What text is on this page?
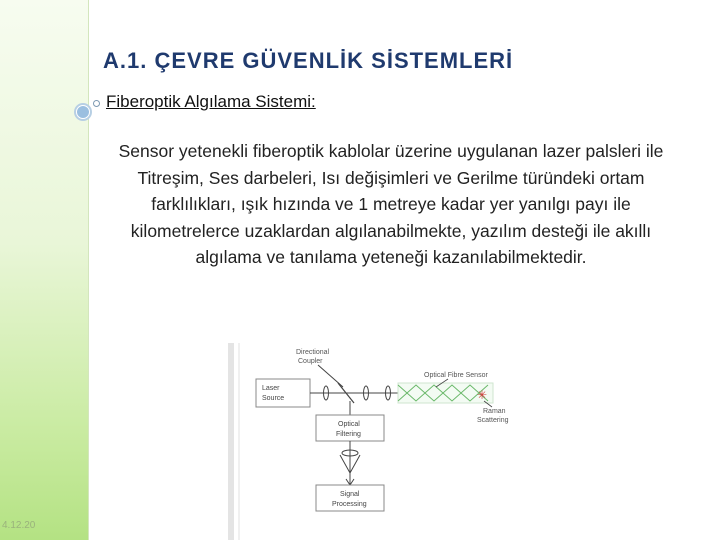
4.12.20
A.1. ÇEVRE GÜVENLİK SİSTEMLERİ
Fiberoptik Algılama Sistemi:
Sensor yetenekli fiberoptik kablolar üzerine uygulanan lazer palsleri ile Titreşim, Ses darbeleri, Isı değişimleri ve Gerilme türündeki ortam farklılıkları, ışık hızında ve 1 metreye kadar yer yanılgı payı ile kilometrelerce uzaklardan algılanabilmekte, yazılım desteği ile akıllı algılama ve tanılama yeteneği kazanılabilmektedir.
Directional
Coupler
Laser
Source
Optical Fibre Sensor
✳
Raman
Scattering
Optical
Filtering
Signal
Processing
